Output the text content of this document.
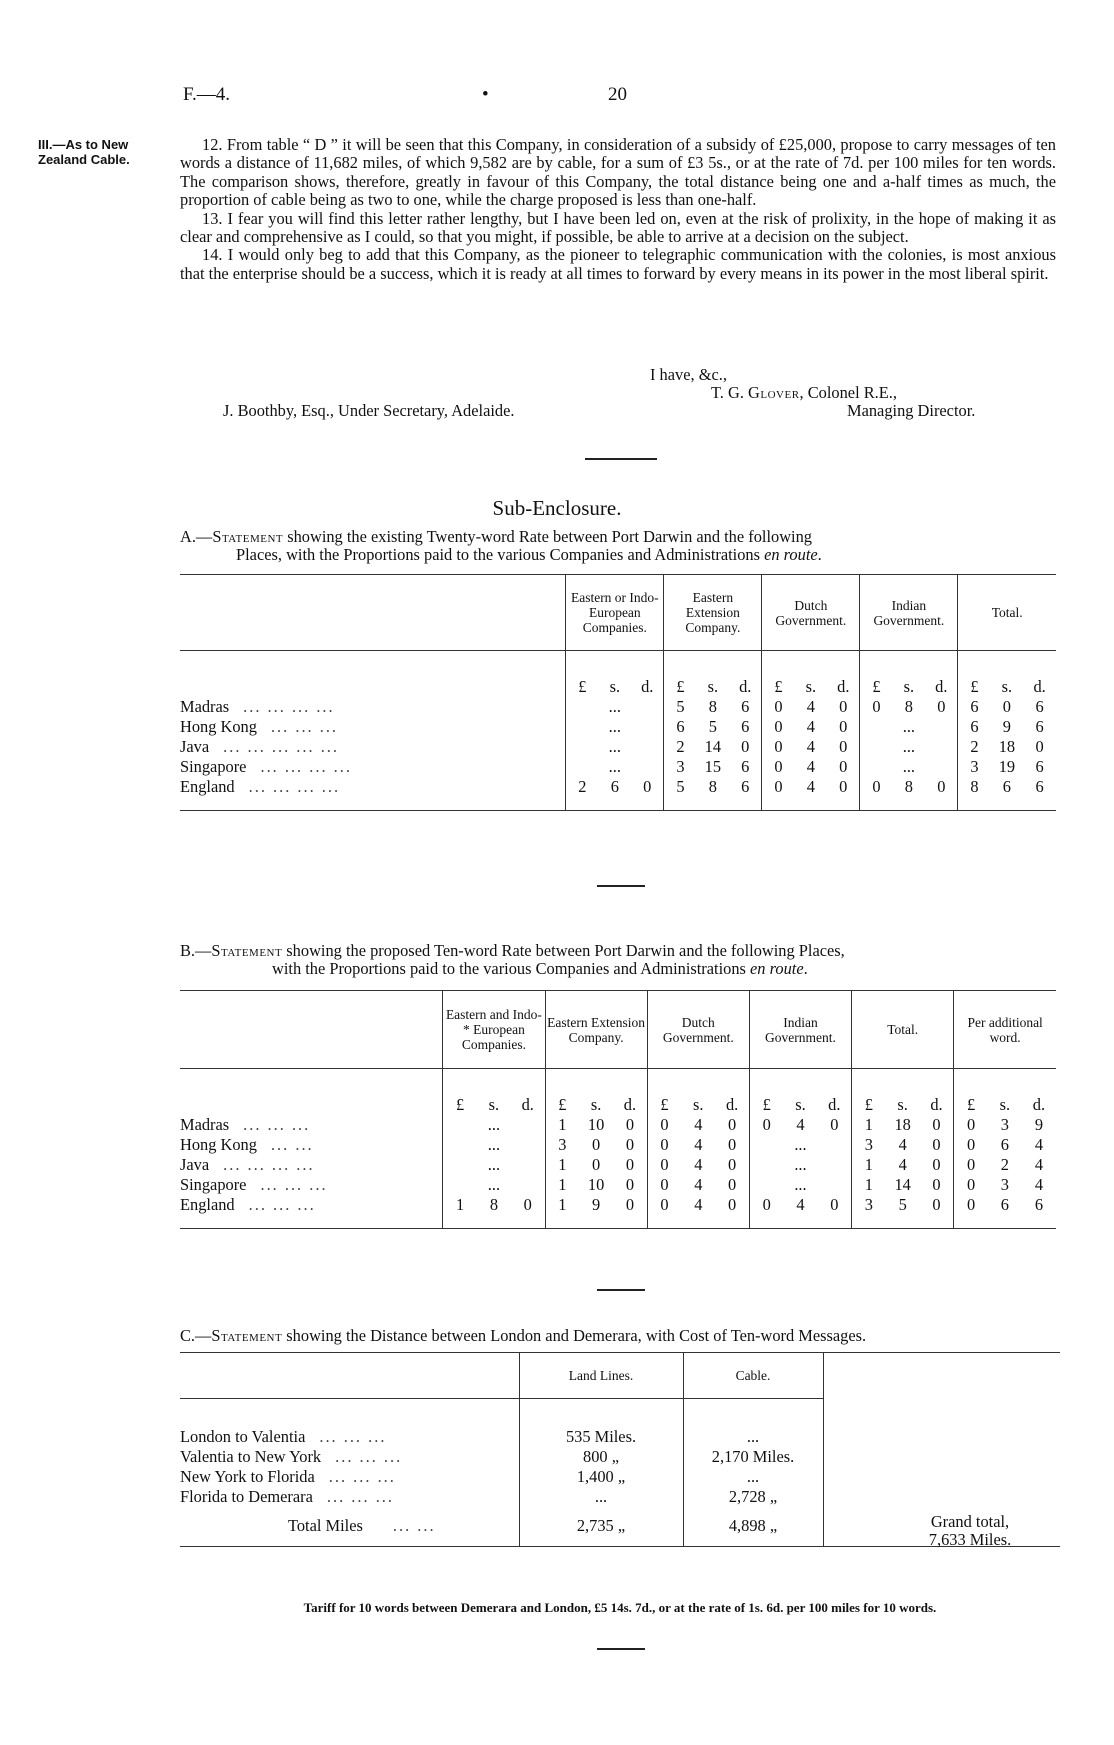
F.—4.	•	20
III.—As to New Zealand Cable.

12. From table “ D ” it will be seen that this Company, in consideration of a subsidy of £25,000, propose to carry messages of ten words a distance of 11,682 miles, of which 9,582 are by cable, for a sum of £3 5s., or at the rate of 7d. per 100 miles for ten words. The comparison shows, therefore, greatly in favour of this Company, the total distance being one and a-half times as much, the proportion of cable being as two to one, while the charge proposed is less than one-half.

13. I fear you will find this letter rather lengthy, but I have been led on, even at the risk of prolixity, in the hope of making it as clear and comprehensive as I could, so that you might, if possible, be able to arrive at a decision on the subject.

14. I would only beg to add that this Company, as the pioneer to telegraphic communication with the colonies, is most anxious that the enterprise should be a success, which it is ready at all times to forward by every means in its power in the most liberal spirit.

I have, &c.,
T. G. Glover, Colonel R.E.,
Managing Director.
J. Boothby, Esq., Under Secretary, Adelaide.
Sub-Enclosure.
A.—Statement showing the existing Twenty-word Rate between Port Darwin and the following
Places, with the Proportions paid to the various Companies and Administrations en route.
	Eastern or Indo-European Companies.			Eastern Extension Company.			Dutch Government.			Indian Government.			Total.		

	£	s.	d.	£	s.	d.	£	s.	d.	£	s.	d.	£	s.	d.
Madras ... ... ... ...	...			5	8	6	0	4	0	0	8	0	6	0	6
Hong Kong ... ... ...	...			6	5	6	0	4	0	...			6	9	6
Java ... ... ... ... ...	...			2	14	0	0	4	0	...			2	18	0
Singapore ... ... ... ...	...			3	15	6	0	4	0	...			3	19	6
England ... ... ... ...	2	6	0	5	8	6	0	4	0	0	8	0	8	6	6

B.—Statement showing the proposed Ten-word Rate between Port Darwin and the following Places,
with the Proportions paid to the various Companies and Administrations en route.
	Eastern and Indo-* European Companies.			Eastern Extension Company.			Dutch Government.			Indian Government.			Total.			Per additional word.		

	£	s.	d.	£	s.	d.	£	s.	d.	£	s.	d.	£	s.	d.	£	s.	d.
Madras ... ... ...	...			1	10	0	0	4	0	0	4	0	1	18	0	0	3	9
Hong Kong ... ...	...			3	0	0	0	4	0	...			3	4	0	0	6	4
Java ... ... ... ...	...			1	0	0	0	4	0	...			1	4	0	0	2	4
Singapore ... ... ...	...			1	10	0	0	4	0	...			1	14	0	0	3	4
England ... ... ...	1	8	0	1	9	0	0	4	0	0	4	0	3	5	0	0	6	6

C.—Statement showing the Distance between London and Demerara, with Cost of Ten-word Messages.
	Land Lines.	Cable.	

London to Valentia ... ... ...	535 Miles.	...	
Valentia to New York ... ... ...	800 „	2,170 Miles.	
New York to Florida ... ... ...	1,400 „	...	
Florida to Demerara ... ... ...	...	2,728 „	
Total Miles ... ...	2,735 „	4,898 „		Grand total,
7,633 Miles.
Tariff for 10 words between Demerara and London, £5 14s. 7d., or at the rate of 1s. 6d. per 100 miles for 10 words.
